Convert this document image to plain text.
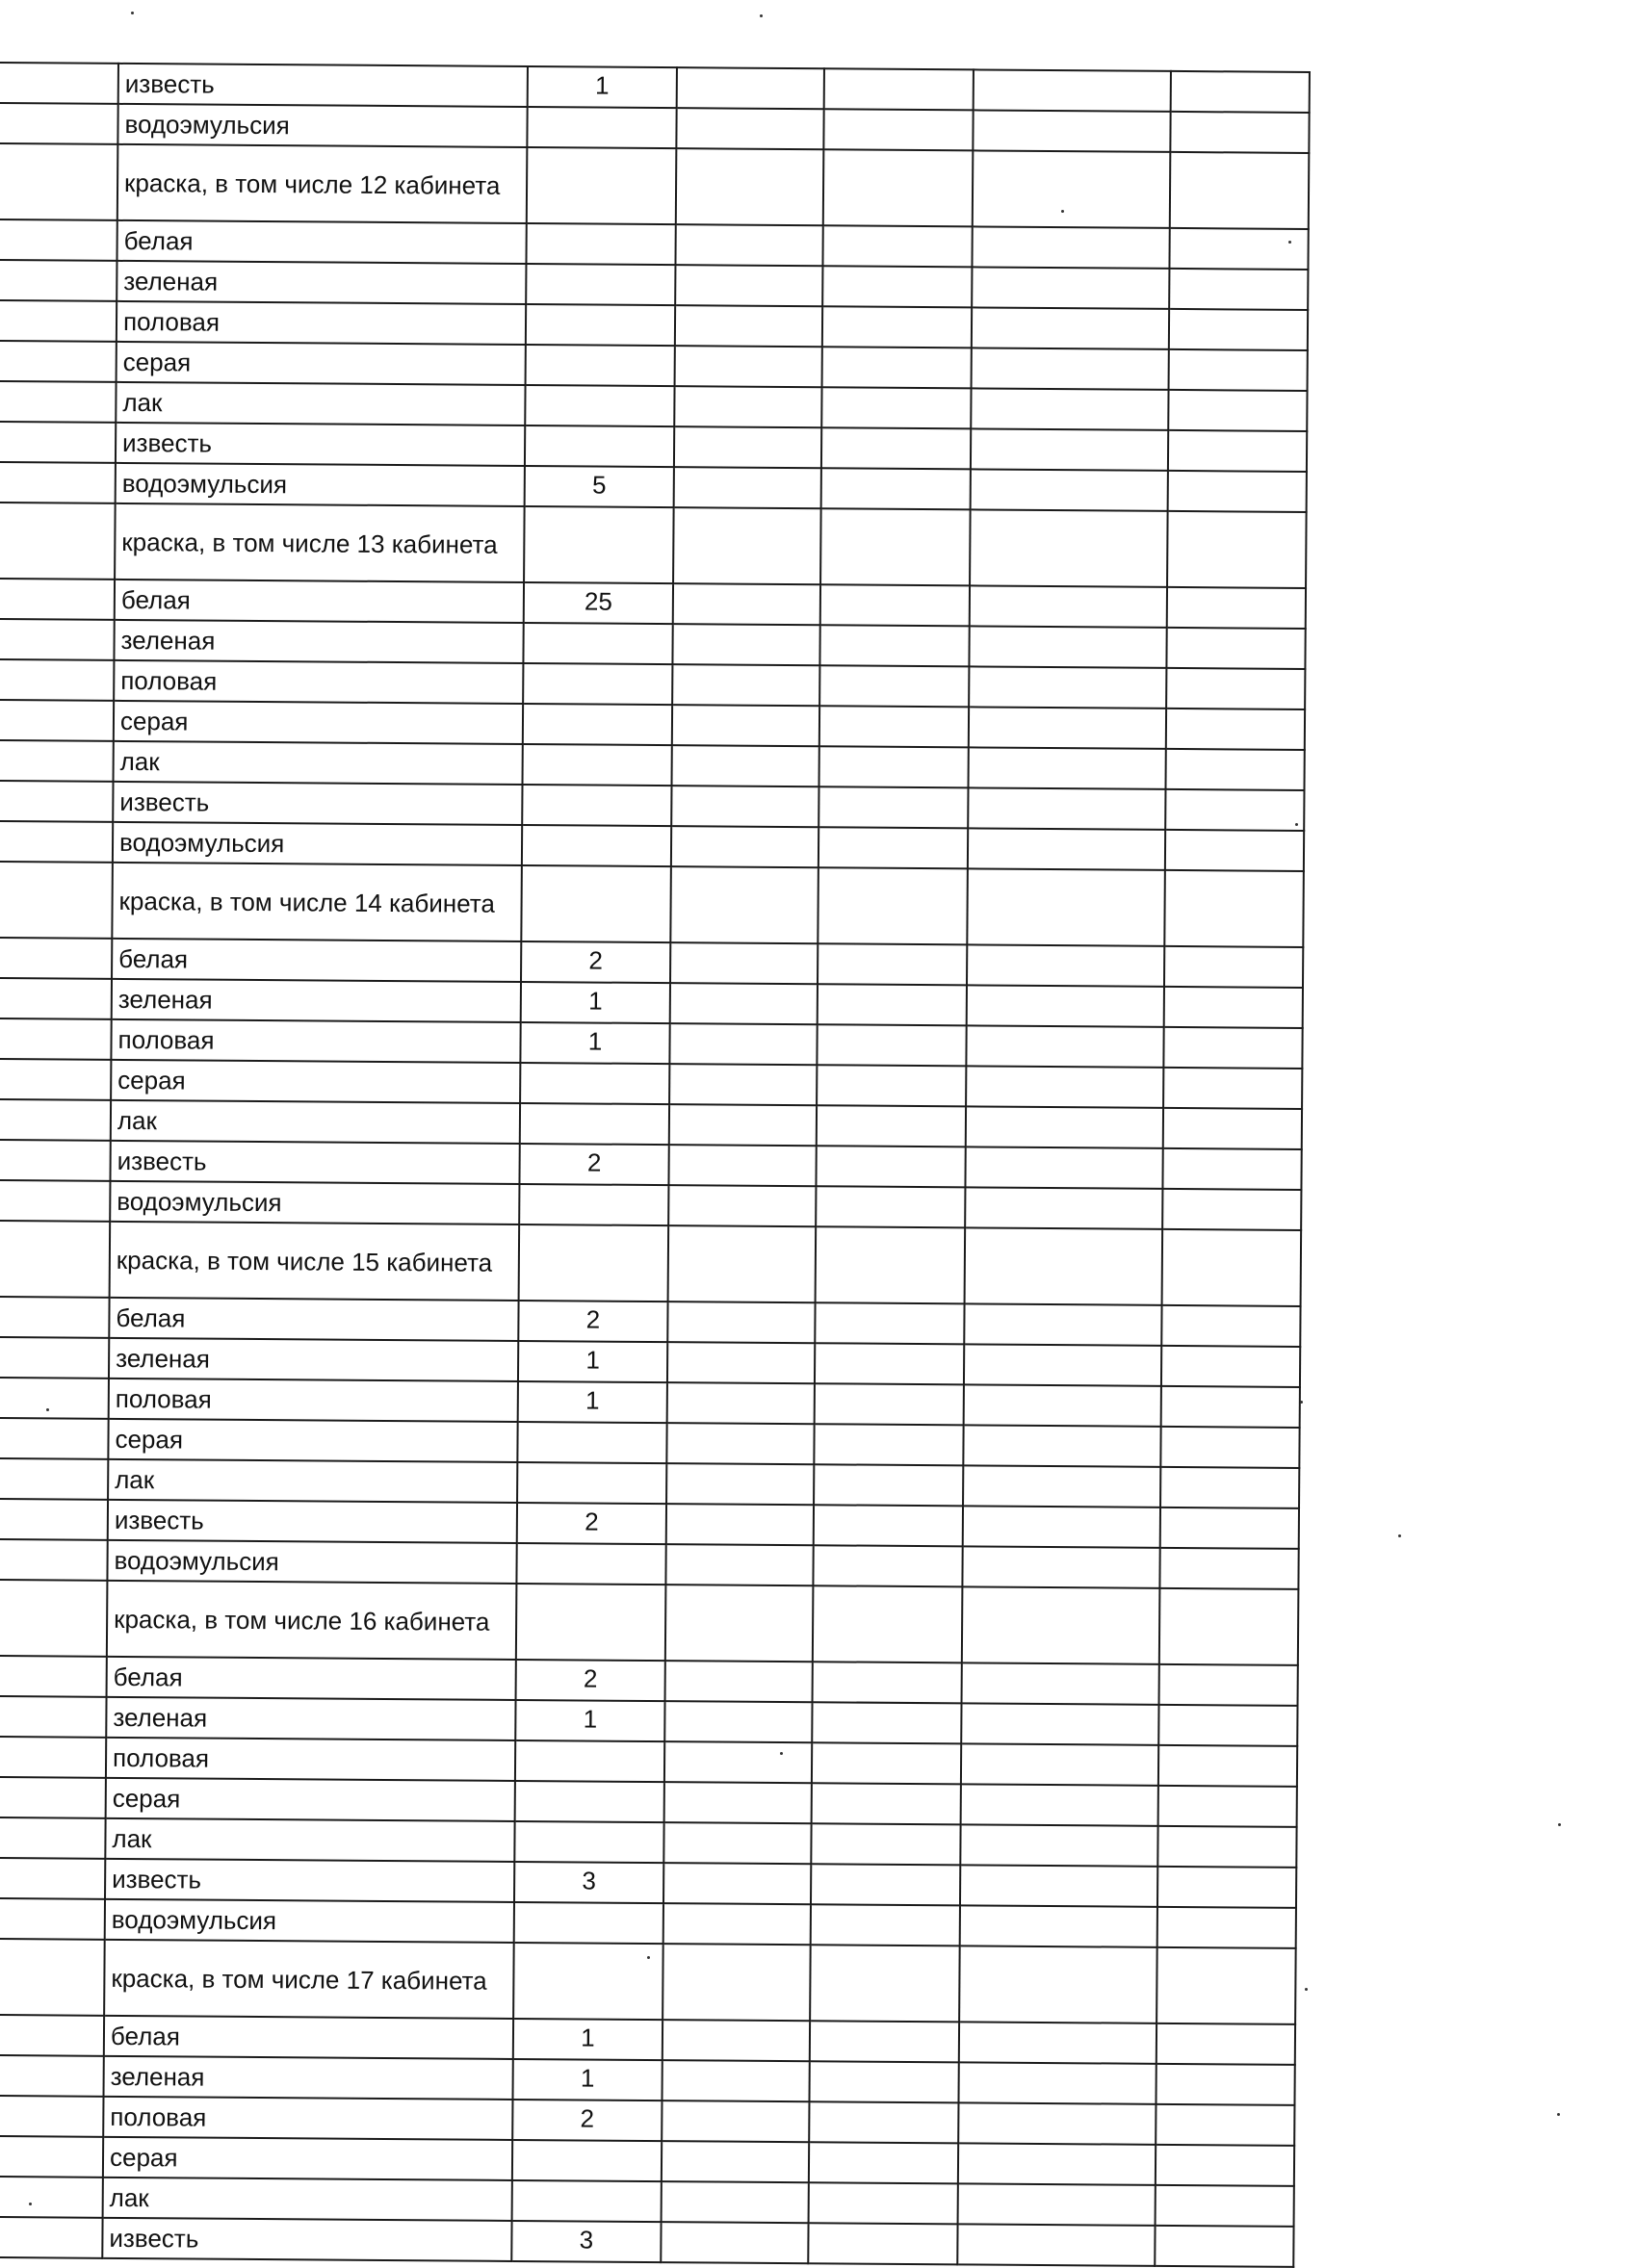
	известь	1				
	водоэмульсия					
	краска, в том числе 12 кабинета					
	белая					
	зеленая					
	половая					
	серая					
	лак					
	известь					
	водоэмульсия	5				
	краска, в том числе 13 кабинета					
	белая	25				
	зеленая					
	половая					
	серая					
	лак					
	известь					
	водоэмульсия					
	краска, в том числе 14 кабинета					
	белая	2				
	зеленая	1				
	половая	1				
	серая					
	лак					
	известь	2				
	водоэмульсия					
	краска, в том числе 15 кабинета					
	белая	2				
	зеленая	1				
	половая	1				
	серая					
	лак					
	известь	2				
	водоэмульсия					
	краска, в том числе 16 кабинета					
	белая	2				
	зеленая	1				
	половая					
	серая					
	лак					
	известь	3				
	водоэмульсия					
	краска, в том числе 17 кабинета					
	белая	1				
	зеленая	1				
	половая	2				
	серая					
	лак					
	известь	3				
